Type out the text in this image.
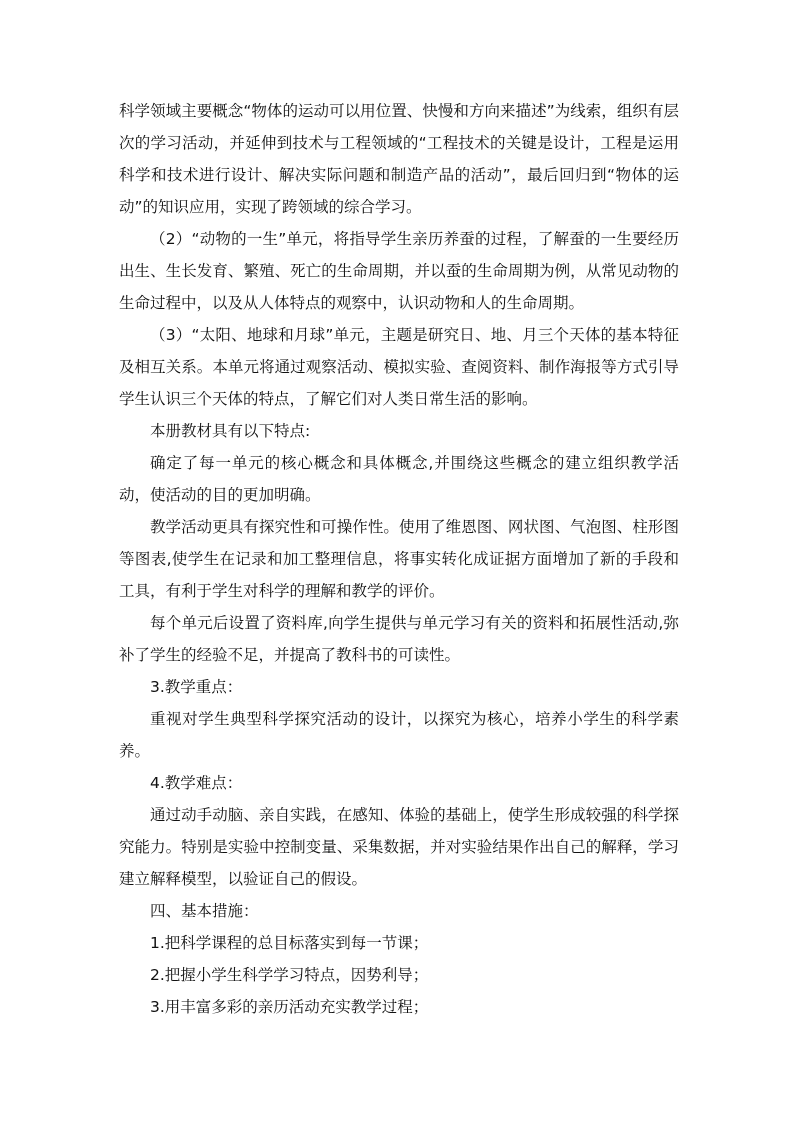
科学领域主要概念“物体的运动可以用位置、快慢和方向来描述”为线索，组织有层次的学习活动，并延伸到技术与工程领域的“工程技术的关键是设计，工程是运用科学和技术进行设计、解决实际问题和制造产品的活动”，最后回归到“物体的运动”的知识应用，实现了跨领域的综合学习。

（2）“动物的一生”单元，将指导学生亲历养蚕的过程，了解蚕的一生要经历出生、生长发育、繁殖、死亡的生命周期，并以蚕的生命周期为例，从常见动物的生命过程中，以及从人体特点的观察中，认识动物和人的生命周期。

（3）“太阳、地球和月球”单元，主题是研究日、地、月三个天体的基本特征及相互关系。本单元将通过观察活动、模拟实验、查阅资料、制作海报等方式引导学生认识三个天体的特点，了解它们对人类日常生活的影响。

本册教材具有以下特点:

确定了每一单元的核心概念和具体概念,并围绕这些概念的建立组织教学活动，使活动的目的更加明确。

教学活动更具有探究性和可操作性。使用了维恩图、网状图、气泡图、柱形图等图表,使学生在记录和加工整理信息，将事实转化成证据方面增加了新的手段和工具，有利于学生对科学的理解和教学的评价。

每个单元后设置了资料库,向学生提供与单元学习有关的资料和拓展性活动,弥补了学生的经验不足，并提高了教科书的可读性。

3.教学重点：

重视对学生典型科学探究活动的设计，以探究为核心，培养小学生的科学素养。

4.教学难点：

通过动手动脑、亲自实践，在感知、体验的基础上，使学生形成较强的科学探究能力。特别是实验中控制变量、采集数据，并对实验结果作出自己的解释，学习建立解释模型，以验证自己的假设。

四、基本措施：

1.把科学课程的总目标落实到每一节课；

2.把握小学生科学学习特点，因势利导；

3.用丰富多彩的亲历活动充实教学过程；
